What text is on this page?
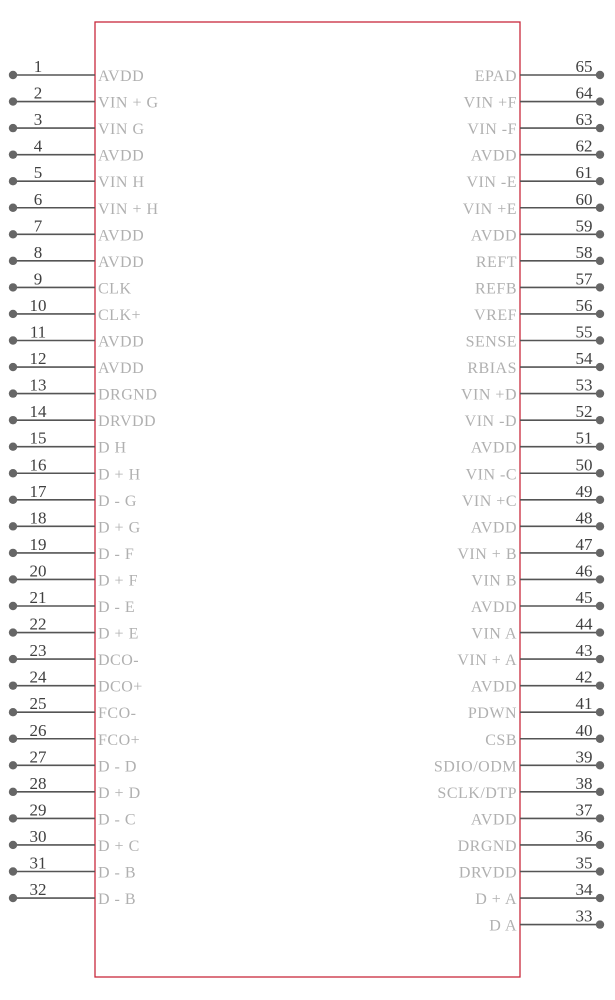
1
AVDD
2
VIN + G
3
VIN G
4
AVDD
5
VIN H
6
VIN + H
7
AVDD
8
AVDD
9
CLK
10
CLK+
11
AVDD
12
AVDD
13
DRGND
14
DRVDD
15
D H
16
D + H
17
D - G
18
D + G
19
D - F
20
D + F
21
D - E
22
D + E
23
DCO-
24
DCO+
25
FCO-
26
FCO+
27
D - D
28
D + D
29
D - C
30
D + C
31
D - B
32
D - B
65
EPAD
64
VIN +F
63
VIN -F
62
AVDD
61
VIN -E
60
VIN +E
59
AVDD
58
REFT
57
REFB
56
VREF
55
SENSE
54
RBIAS
53
VIN +D
52
VIN -D
51
AVDD
50
VIN -C
49
VIN +C
48
AVDD
47
VIN + B
46
VIN B
45
AVDD
44
VIN A
43
VIN + A
42
AVDD
41
PDWN
40
CSB
39
SDIO/ODM
38
SCLK/DTP
37
AVDD
36
DRGND
35
DRVDD
34
D + A
33
D A
